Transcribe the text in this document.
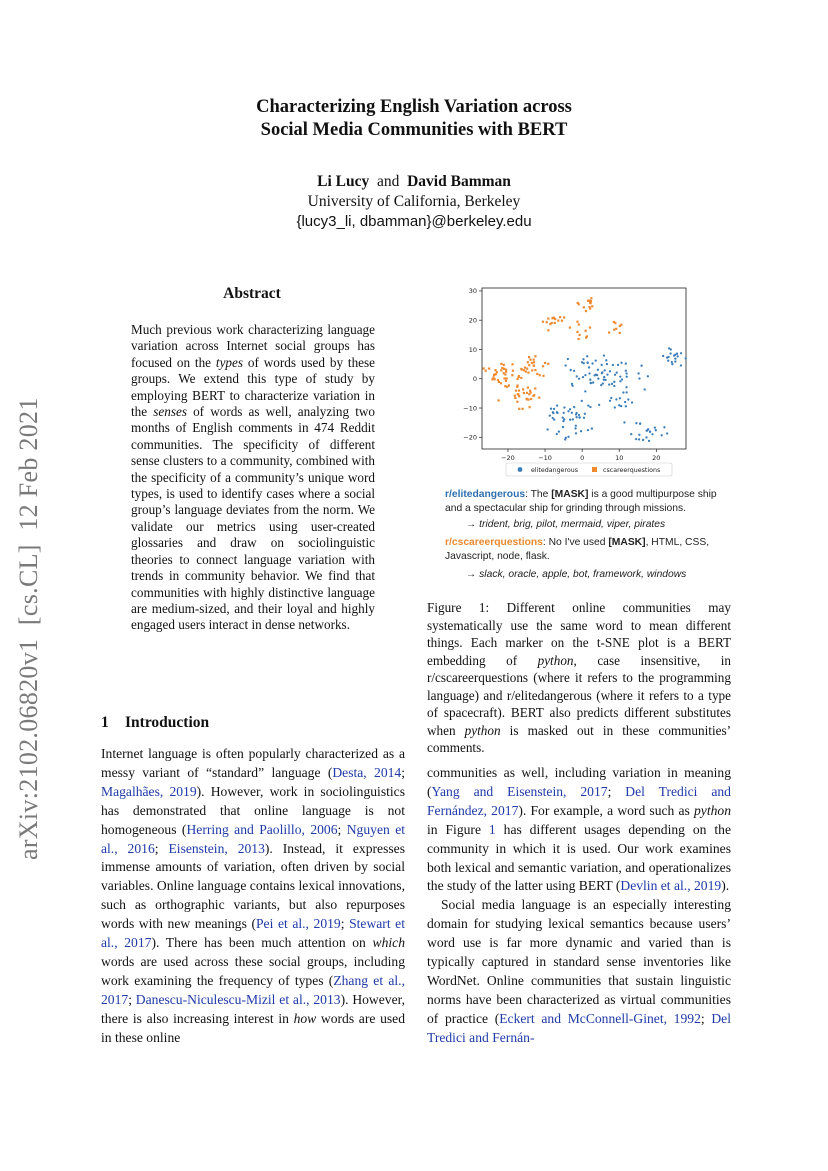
Characterizing English Variation across
Social Media Communities with BERT
Li Lucy and David Bamman
University of California, Berkeley
{lucy3_li, dbamman}@berkeley.edu
arXiv:2102.06820v1  [cs.CL]  12 Feb 2021
Abstract
Much previous work characterizing language variation across Internet social groups has focused on the types of words used by these groups. We extend this type of study by employing BERT to characterize variation in the senses of words as well, analyzing two months of English comments in 474 Reddit communities. The specificity of different sense clusters to a community, combined with the specificity of a community’s unique word types, is used to identify cases where a social group’s language deviates from the norm. We validate our metrics using user-created glossaries and draw on sociolinguistic theories to connect language variation with trends in community behavior. We find that communities with highly distinctive language are medium-sized, and their loyal and highly engaged users interact in dense networks.
1 Introduction
Internet language is often popularly characterized as a messy variant of “standard” language (Desta, 2014; Magalhães, 2019). However, work in sociolinguistics has demonstrated that online language is not homogeneous (Herring and Paolillo, 2006; Nguyen et al., 2016; Eisenstein, 2013). Instead, it expresses immense amounts of variation, often driven by social variables. Online language contains lexical innovations, such as orthographic variants, but also repurposes words with new meanings (Pei et al., 2019; Stewart et al., 2017). There has been much attention on which words are used across these social groups, including work examining the frequency of types (Zhang et al., 2017; Danescu-Niculescu-Mizil et al., 2013). However, there is also increasing interest in how words are used in these online
−20	−10	0	10	20
−20
−10
0
10
20
30
elitedangerous	cscareerquestions
r/elitedangerous: The [MASK] is a good multipurpose ship and a spectacular ship for grinding through missions.
→ trident, brig, pilot, mermaid, viper, pirates
r/cscareerquestions: No I've used [MASK], HTML, CSS, Javascript, node, flask.
→ slack, oracle, apple, bot, framework, windows
Figure 1: Different online communities may systematically use the same word to mean different things. Each marker on the t-SNE plot is a BERT embedding of python, case insensitive, in r/cscareerquestions (where it refers to the programming language) and r/elitedangerous (where it refers to a type of spacecraft). BERT also predicts different substitutes when python is masked out in these communities’ comments.
communities as well, including variation in meaning (Yang and Eisenstein, 2017; Del Tredici and Fernández, 2017). For example, a word such as python in Figure 1 has different usages depending on the community in which it is used. Our work examines both lexical and semantic variation, and operationalizes the study of the latter using BERT (Devlin et al., 2019).
Social media language is an especially interesting domain for studying lexical semantics because users’ word use is far more dynamic and varied than is typically captured in standard sense inventories like WordNet. Online communities that sustain linguistic norms have been characterized as virtual communities of practice (Eckert and McConnell-Ginet, 1992; Del Tredici and Fernán-
